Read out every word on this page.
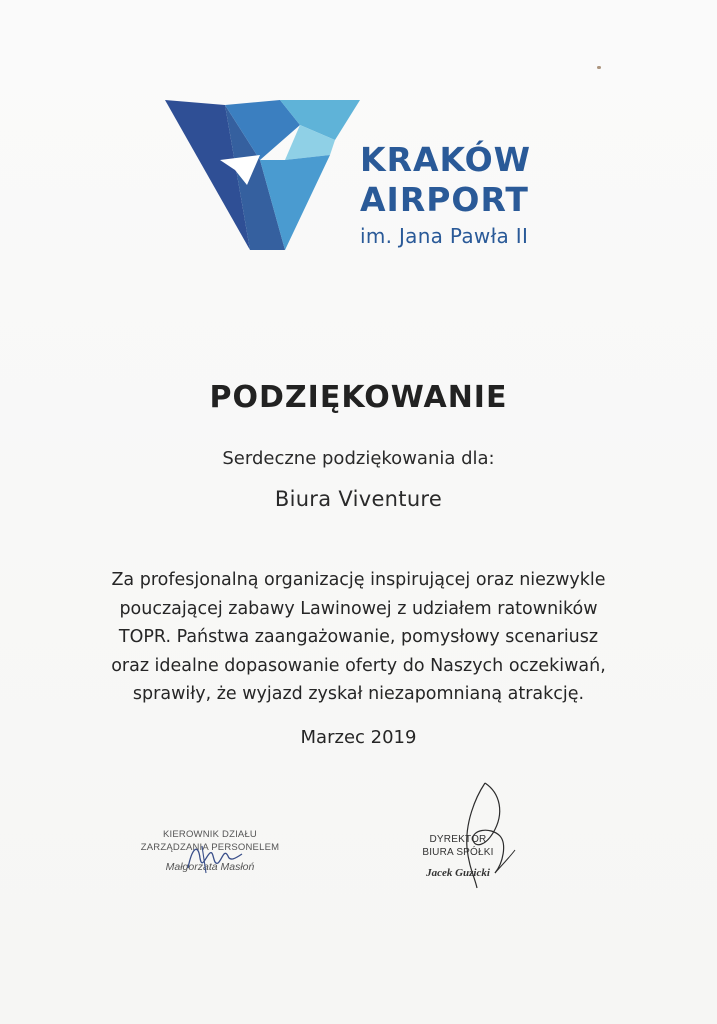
KRAKÓW
AIRPORT
im. Jana Pawła II
PODZIĘKOWANIE
Serdeczne podziękowania dla:
Biura Viventure
Za profesjonalną organizację inspirującej oraz niezwykle
pouczającej zabawy Lawinowej z udziałem ratowników
TOPR. Państwa zaangażowanie, pomysłowy scenariusz
oraz idealne dopasowanie oferty do Naszych oczekiwań,
sprawiły, że wyjazd zyskał niezapomnianą atrakcję.
Marzec 2019
KIEROWNIK DZIAŁU
ZARZĄDZANIA PERSONELEM
Małgorzata Masłoń
DYREKTOR
BIURA SPÓŁKI
Jacek Guzicki
